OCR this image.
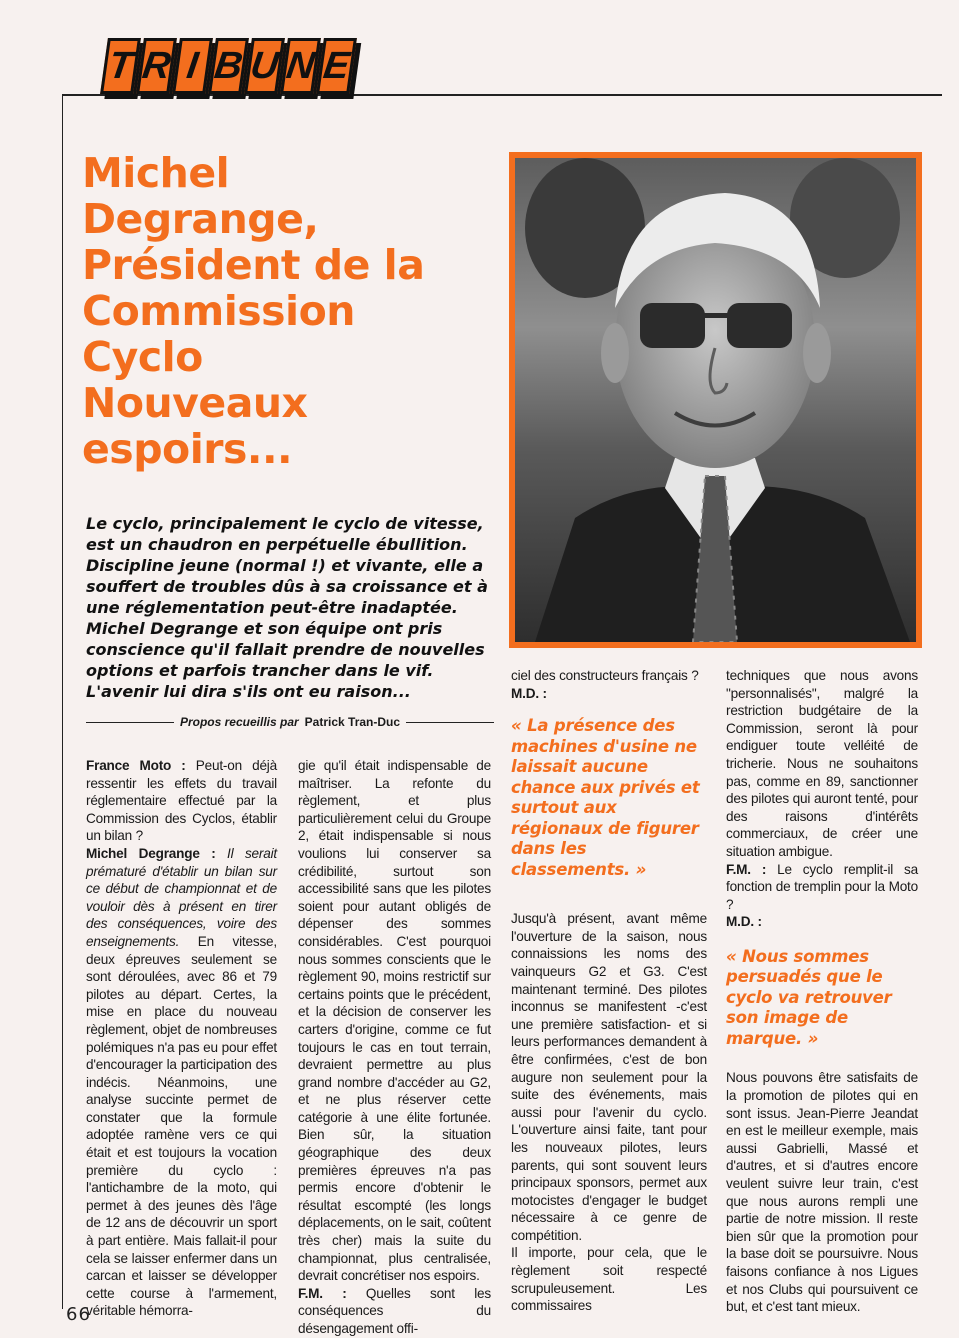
T R I B U N E
Michel
Degrange,
Président de la
Commission
Cyclo
Nouveaux
espoirs...

Le cyclo, principalement le cyclo de vitesse, est un chaudron en perpétuelle ébullition. Discipline jeune (normal !) et vivante, elle a souffert de troubles dûs à sa croissance et à une réglementation peut-être inadaptée. Michel Degrange et son équipe ont pris conscience qu'il fallait prendre de nouvelles options et parfois trancher dans le vif. L'avenir lui dira s'ils ont eu raison...

Propos recueillis par Patrick Tran-Duc

France Moto : Peut-on déjà ressentir les effets du travail réglementaire effectué par la Commission des Cyclos, établir un bilan ?

Michel Degrange : Il serait prématuré d'établir un bilan sur ce début de championnat et de vouloir dès à présent en tirer des conséquences, voire des enseignements. En vitesse, deux épreuves seulement se sont déroulées, avec 86 et 79 pilotes au départ. Certes, la mise en place du nouveau règlement, objet de nombreuses polémiques n'a pas eu pour effet d'encourager la participation des indécis. Néanmoins, une analyse succinte permet de constater que la formule adoptée ramène vers ce qui était et est toujours la vocation première du cyclo : l'antichambre de la moto, qui permet à des jeunes dès l'âge de 12 ans de découvrir un sport à part entière. Mais fallait-il pour cela se laisser enfermer dans un carcan et laisser se développer cette course à l'armement, véritable hémorra-

gie qu'il était indispensable de maîtriser. La refonte du règlement, et plus particulièrement celui du Groupe 2, était indispensable si nous voulions lui conserver sa crédibilité, surtout son accessibilité sans que les pilotes soient pour autant obligés de dépenser des sommes considérables. C'est pourquoi nous sommes conscients que le règlement 90, moins restrictif sur certains points que le précédent, et la décision de conserver les carters d'origine, comme ce fut toujours le cas en tout terrain, devraient permettre au plus grand nombre d'accéder au G2, et ne plus réserver cette catégorie à une élite fortunée. Bien sûr, la situation géographique des deux premières épreuves n'a pas permis encore d'obtenir le résultat escompté (les longs déplacements, on le sait, coûtent très cher) mais la suite du championnat, plus centralisée, devrait concrétiser nos espoirs.

F.M. : Quelles sont les conséquences du désengagement offi-

ciel des constructeurs français ?

M.D. :

« La présence des machines d'usine ne laissait aucune chance aux privés et surtout aux régionaux de figurer dans les classements. »

Jusqu'à présent, avant même l'ouverture de la saison, nous connaissions les noms des vainqueurs G2 et G3. C'est maintenant terminé. Des pilotes inconnus se manifestent -c'est une première satisfaction- et si leurs performances demandent à être confirmées, c'est de bon augure non seulement pour la suite des événements, mais aussi pour l'avenir du cyclo. L'ouverture ainsi faite, tant pour les nouveaux pilotes, leurs parents, qui sont souvent leurs principaux sponsors, permet aux motocistes d'engager le budget nécessaire à ce genre de compétition.

Il importe, pour cela, que le règlement soit respecté scrupuleusement. Les commissaires

techniques que nous avons "personnalisés", malgré la restriction budgétaire de la Commission, seront là pour endiguer toute velléité de tricherie. Nous ne souhaitons pas, comme en 89, sanctionner des pilotes qui auront tenté, pour des raisons d'intérêts commerciaux, de créer une situation ambigue.

F.M. : Le cyclo remplit-il sa fonction de tremplin pour la Moto ?

M.D. :

« Nous sommes persuadés que le cyclo va retrouver son image de marque. »

Nous pouvons être satisfaits de la promotion de pilotes qui en sont issus. Jean-Pierre Jeandat en est le meilleur exemple, mais aussi Gabrielli, Massé et d'autres, et si d'autres encore veulent suivre leur train, c'est que nous aurons rempli une partie de notre mission. Il reste bien sûr que la promotion pour la base doit se poursuivre. Nous faisons confiance à nos Ligues et nos Clubs qui poursuivent ce but, et c'est tant mieux.

66
